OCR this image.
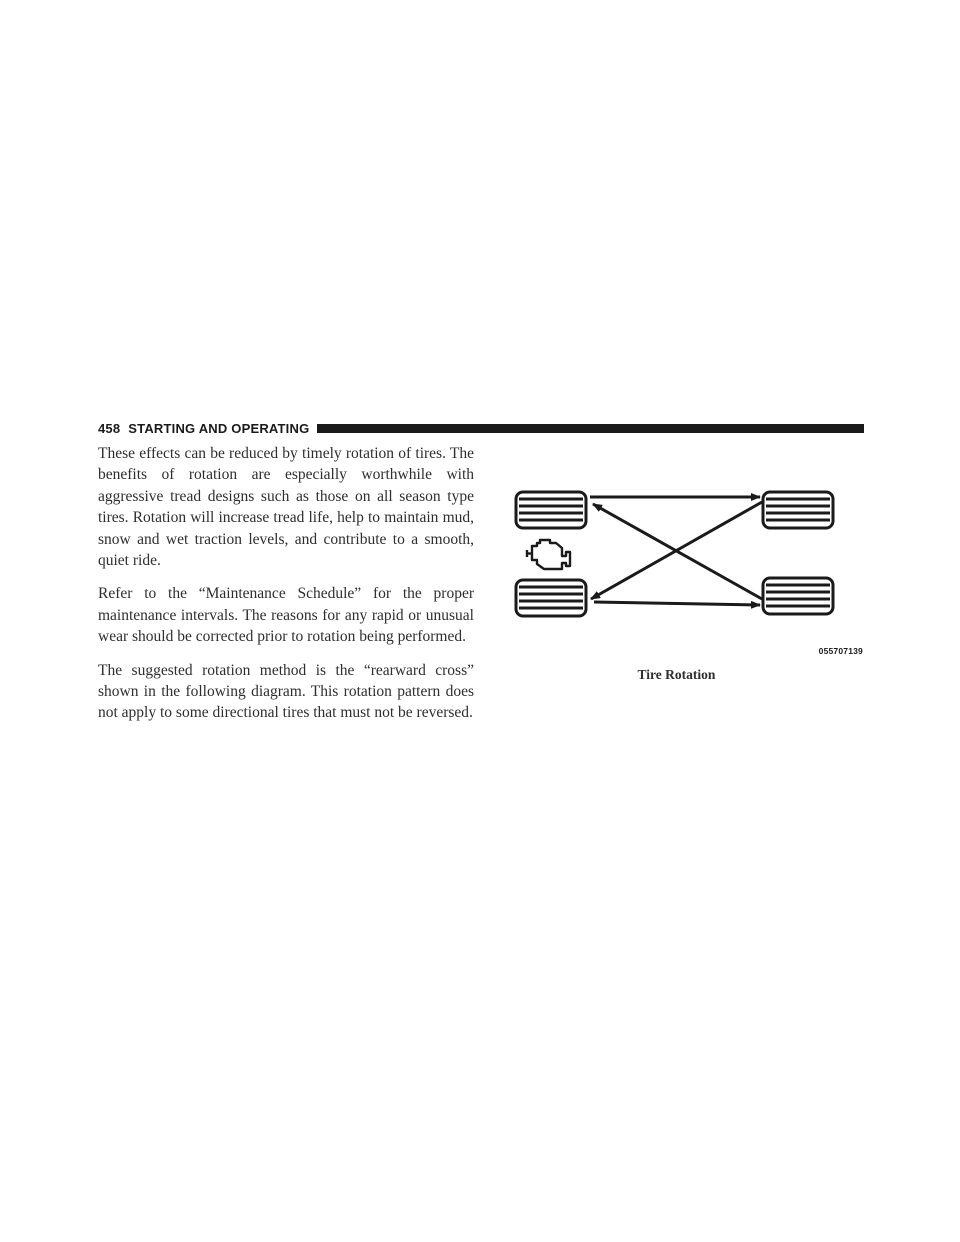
458 STARTING AND OPERATING

These effects can be reduced by timely rotation of tires. The benefits of rotation are especially worthwhile with aggressive tread designs such as those on all season type tires. Rotation will increase tread life, help to maintain mud, snow and wet traction levels, and contribute to a smooth, quiet ride.

Refer to the “Maintenance Schedule” for the proper maintenance intervals. The reasons for any rapid or unusual wear should be corrected prior to rotation being performed.

The suggested rotation method is the “rearward cross” shown in the following diagram. This rotation pattern does not apply to some directional tires that must not be reversed.

055707139
Tire Rotation
